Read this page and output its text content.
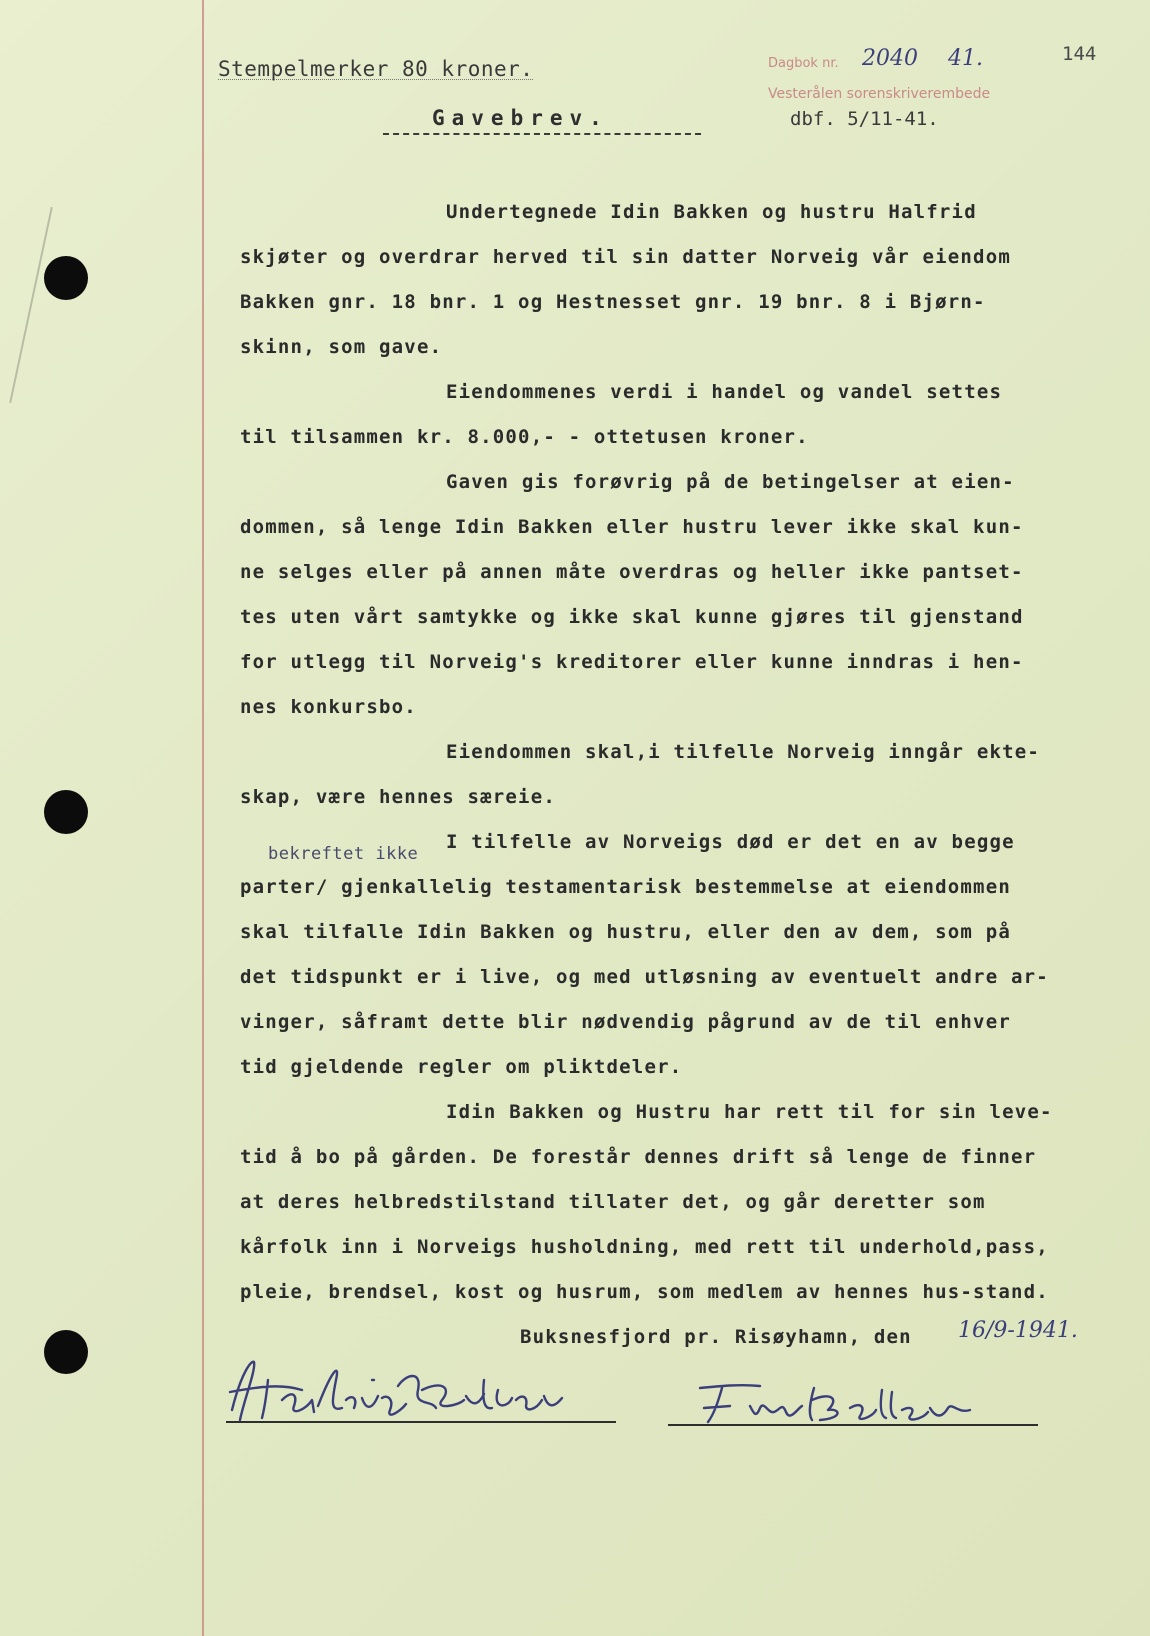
Stempelmerker 80 kroner.	Dagbok nr. 2040 41.
Vesterålen sorenskriverembede
144
dbf. 5/11-41.
Gavebrev.
Undertegnede Idin Bakken og hustru Halfrid
skjøter og overdrar herved til sin datter Norveig vår eiendom
Bakken gnr. 18 bnr. 1 og Hestnesset gnr. 19 bnr. 8 i Bjørn-
skinn, som gave.
Eiendommenes verdi i handel og vandel settes
til tilsammen kr. 8.000,- - ottetusen kroner.
Gaven gis forøvrig på de betingelser at eien-
dommen, så lenge Idin Bakken eller hustru lever ikke skal kun-
ne selges eller på annen måte overdras og heller ikke pantset-
tes uten vårt samtykke og ikke skal kunne gjøres til gjenstand
for utlegg til Norveig's kreditorer eller kunne inndras i hen-
nes konkursbo.
Eiendommen skal,i tilfelle Norveig inngår ekte-
skap, være hennes særeie.
I tilfelle av Norveigs død er det en av begge
parter/ gjenkallelig testamentarisk bestemmelse at eiendommen
skal tilfalle Idin Bakken og hustru, eller den av dem, som på
det tidspunkt er i live, og med utløsning av eventuelt andre ar-
vinger, såframt dette blir nødvendig pågrund av de til enhver
tid gjeldende regler om pliktdeler.
Idin Bakken og Hustru har rett til for sin leve-
tid å bo på gården. De forestår dennes drift så lenge de finner
at deres helbredstilstand tillater det, og går deretter som
kårfolk inn i Norveigs husholdning, med rett til underhold,pass,
pleie, brendsel, kost og husrum, som medlem av hennes hus-stand.
bekreftet ikke
Buksnesfjord pr. Risøyhamn, den 16/9-1941.
